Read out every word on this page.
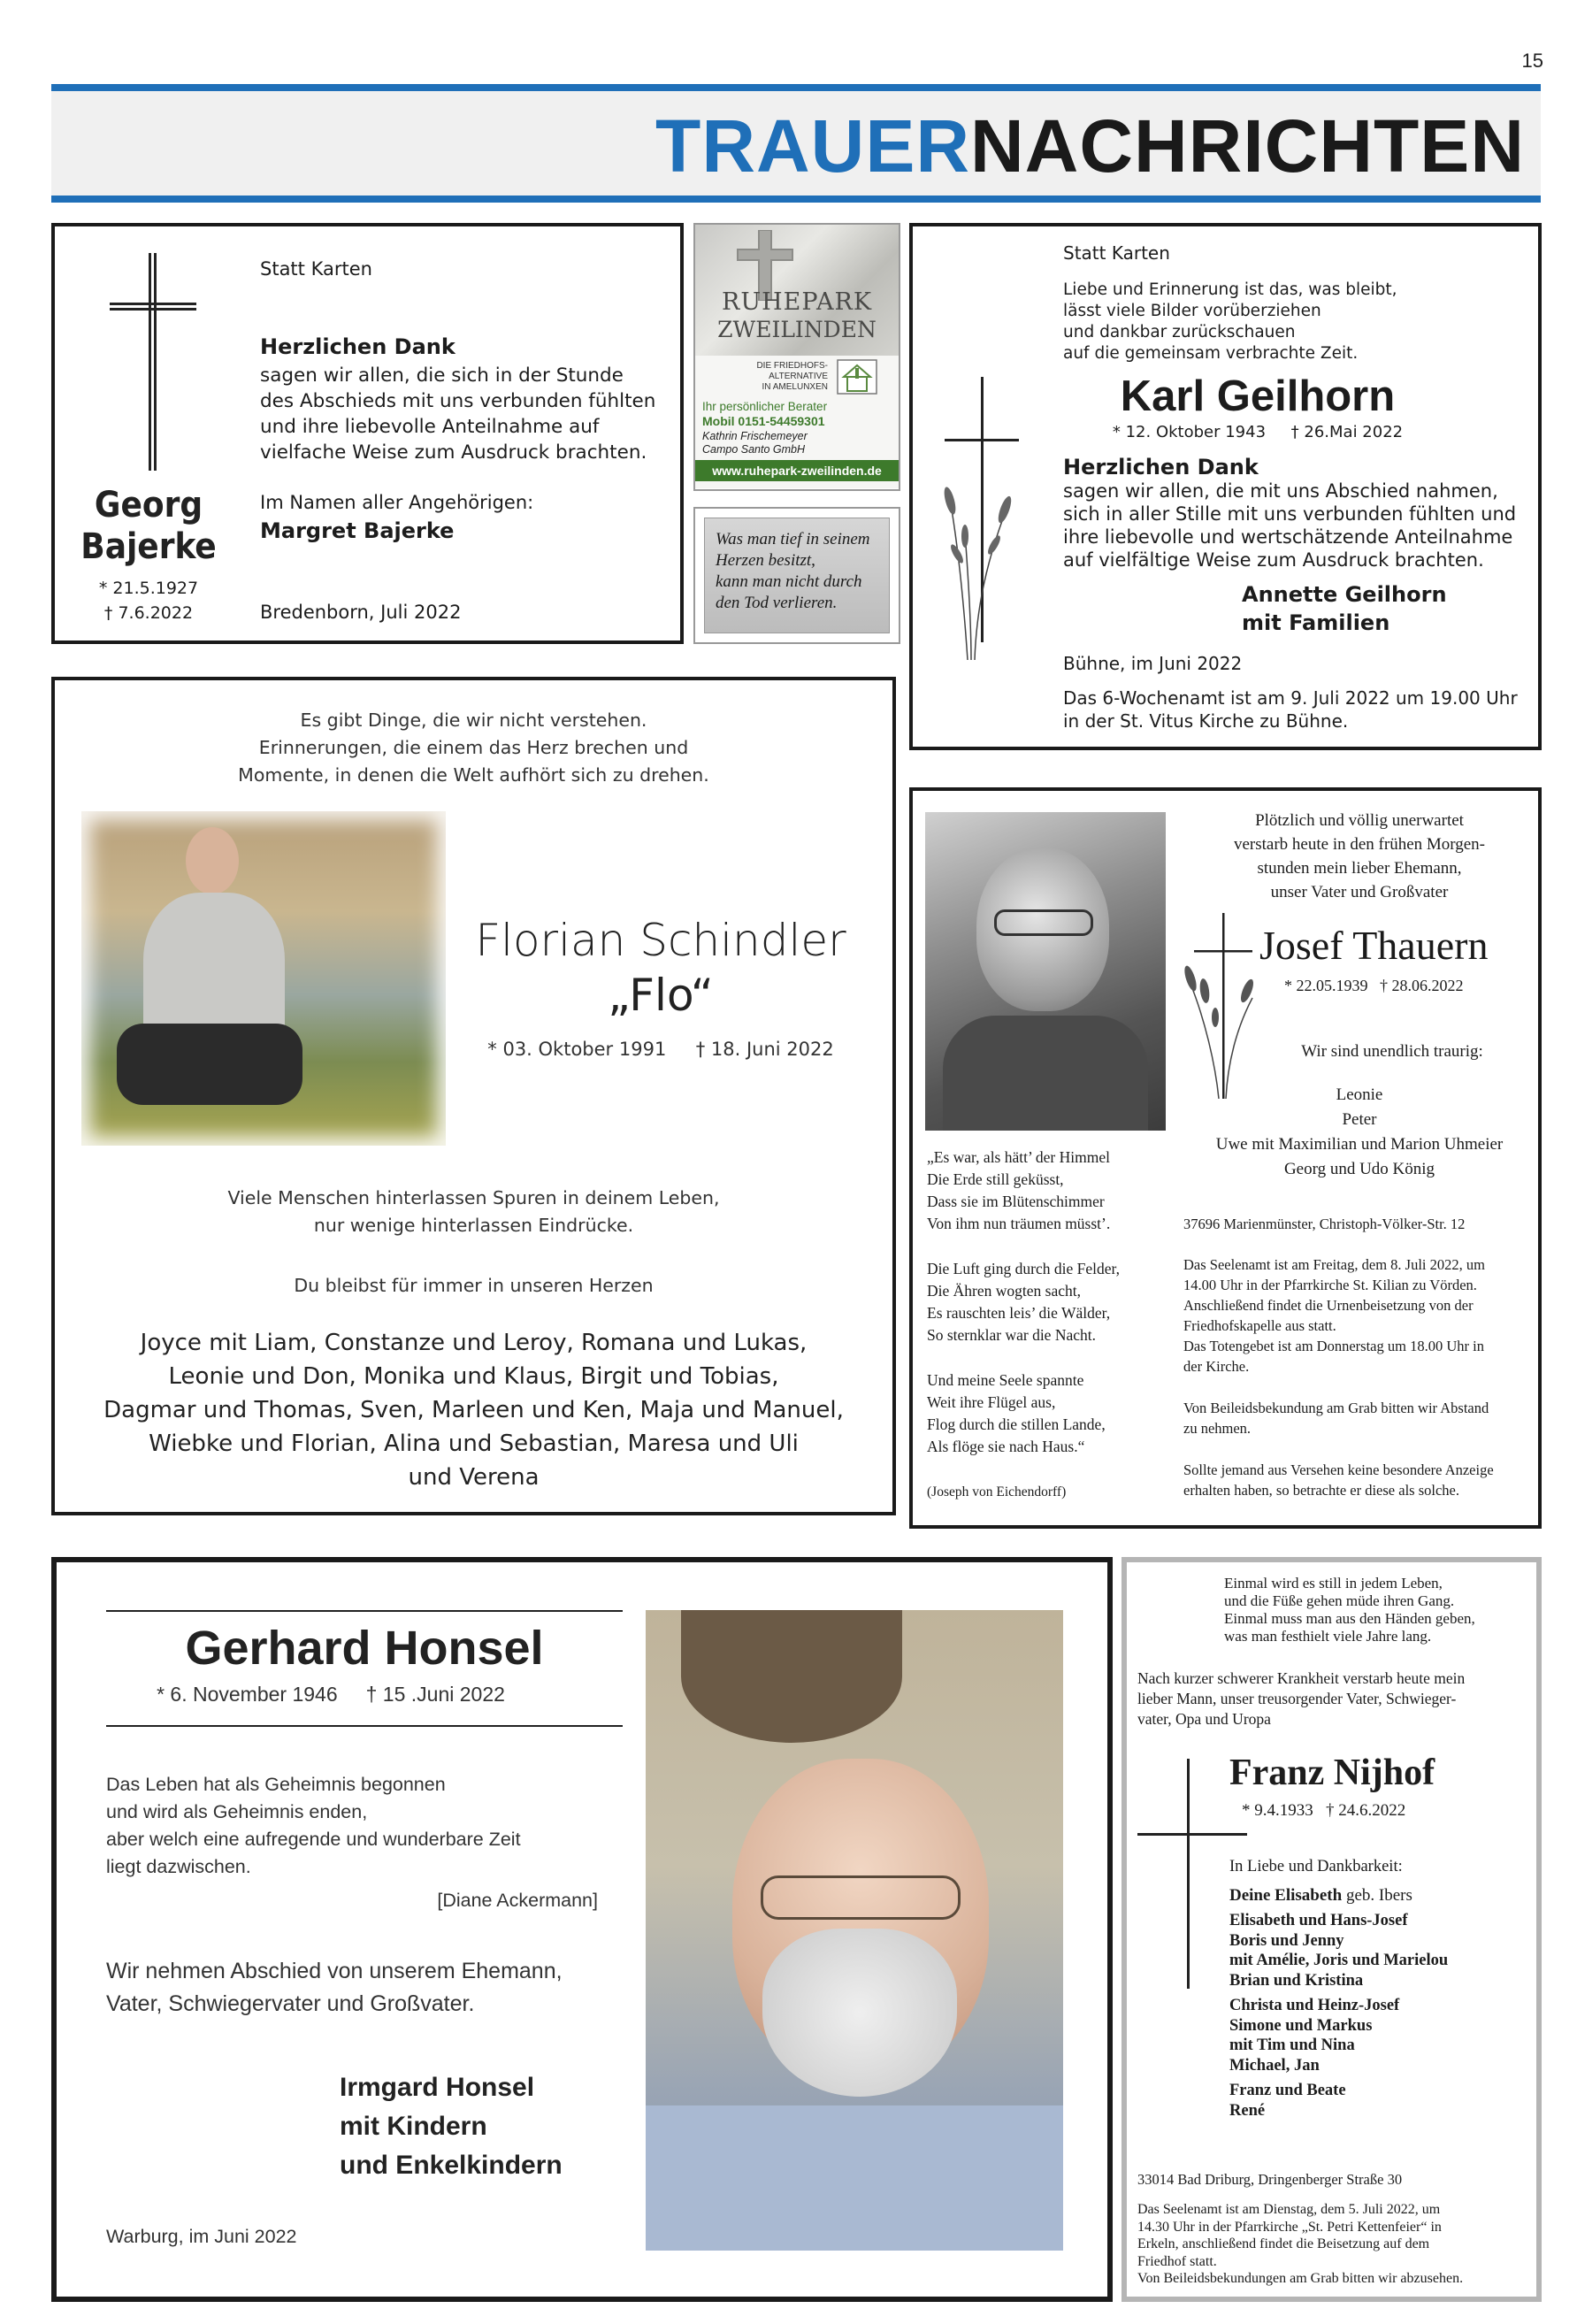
15
TRAUERNACHRICHTEN
Georg
Bajerke
* 21.5.1927
† 7.6.2022
Statt Karten
Herzlichen Dank
sagen wir allen, die sich in der Stunde
des Abschieds mit uns verbunden fühlten
und ihre liebevolle Anteilnahme auf
vielfache Weise zum Ausdruck brachten.
Im Namen aller Angehörigen:
Margret Bajerke
Bredenborn, Juli 2022
RUHEPARK
ZWEILINDEN
DIE FRIEDHOFS-
ALTERNATIVE
IN AMELUNXEN
Ihr persönlicher Berater
Mobil 0151-54459301
Kathrin Frischemeyer
Campo Santo GmbH
www.ruhepark-zweilinden.de
Was man tief in seinem
Herzen besitzt,
kann man nicht durch
den Tod verlieren.
Statt Karten
Liebe und Erinnerung ist das, was bleibt,
lässt viele Bilder vorüberziehen
und dankbar zurückschauen
auf die gemeinsam verbrachte Zeit.
Karl Geilhorn
* 12. Oktober 1943 † 26.Mai 2022
Herzlichen Dank
sagen wir allen, die mit uns Abschied nahmen,
sich in aller Stille mit uns verbunden fühlten und
ihre liebevolle und wertschätzende Anteilnahme
auf vielfältige Weise zum Ausdruck brachten.
Annette Geilhorn
mit Familien
Bühne, im Juni 2022
Das 6-Wochenamt ist am 9. Juli 2022 um 19.00 Uhr
in der St. Vitus Kirche zu Bühne.
Es gibt Dinge, die wir nicht verstehen.
Erinnerungen, die einem das Herz brechen und
Momente, in denen die Welt aufhört sich zu drehen.
Florian Schindler
„Flo“
* 03. Oktober 1991 † 18. Juni 2022
Viele Menschen hinterlassen Spuren in deinem Leben,
nur wenige hinterlassen Eindrücke.
Du bleibst für immer in unseren Herzen
Joyce mit Liam, Constanze und Leroy, Romana und Lukas,
Leonie und Don, Monika und Klaus, Birgit und Tobias,
Dagmar und Thomas, Sven, Marleen und Ken, Maja und Manuel,
Wiebke und Florian, Alina und Sebastian, Maresa und Uli
und Verena
„Es war, als hätt’ der Himmel
Die Erde still geküsst,
Dass sie im Blütenschimmer
Von ihm nun träumen müsst’.
Die Luft ging durch die Felder,
Die Ähren wogten sacht,
Es rauschten leis’ die Wälder,
So sternklar war die Nacht.
Und meine Seele spannte
Weit ihre Flügel aus,
Flog durch die stillen Lande,
Als flöge sie nach Haus.“
(Joseph von Eichendorff)
Plötzlich und völlig unerwartet
verstarb heute in den frühen Morgen-
stunden mein lieber Ehemann,
unser Vater und Großvater
Josef Thauern
* 22.05.1939 † 28.06.2022
Wir sind unendlich traurig:
Leonie
Peter
Uwe mit Maximilian und Marion Uhmeier
Georg und Udo König
37696 Marienmünster, Christoph-Völker-Str. 12
Das Seelenamt ist am Freitag, dem 8. Juli 2022, um
14.00 Uhr in der Pfarrkirche St. Kilian zu Vörden.
Anschließend findet die Urnenbeisetzung von der
Friedhofskapelle aus statt.
Das Totengebet ist am Donnerstag um 18.00 Uhr in
der Kirche.
Von Beileidsbekundung am Grab bitten wir Abstand
zu nehmen.
Sollte jemand aus Versehen keine besondere Anzeige
erhalten haben, so betrachte er diese als solche.
Gerhard Honsel
* 6. November 1946 † 15 .Juni 2022
Das Leben hat als Geheimnis begonnen
und wird als Geheimnis enden,
aber welch eine aufregende und wunderbare Zeit
liegt dazwischen.
[Diane Ackermann]
Wir nehmen Abschied von unserem Ehemann,
Vater, Schwiegervater und Großvater.
Irmgard Honsel
mit Kindern
und Enkelkindern
Warburg, im Juni 2022
Einmal wird es still in jedem Leben,
und die Füße gehen müde ihren Gang.
Einmal muss man aus den Händen geben,
was man festhielt viele Jahre lang.
Nach kurzer schwerer Krankheit verstarb heute mein
lieber Mann, unser treusorgender Vater, Schwieger-
vater, Opa und Uropa
Franz Nijhof
* 9.4.1933 † 24.6.2022
In Liebe und Dankbarkeit:
Deine Elisabeth geb. Ibers
Elisabeth und Hans-Josef
Boris und Jenny
mit Amélie, Joris und Marielou
Brian und Kristina
Christa und Heinz-Josef
Simone und Markus
mit Tim und Nina
Michael, Jan
Franz und Beate
René
33014 Bad Driburg, Dringenberger Straße 30
Das Seelenamt ist am Dienstag, dem 5. Juli 2022, um
14.30 Uhr in der Pfarrkirche „St. Petri Kettenfeier“ in
Erkeln, anschließend findet die Beisetzung auf dem
Friedhof statt.
Von Beileidsbekundungen am Grab bitten wir abzusehen.
